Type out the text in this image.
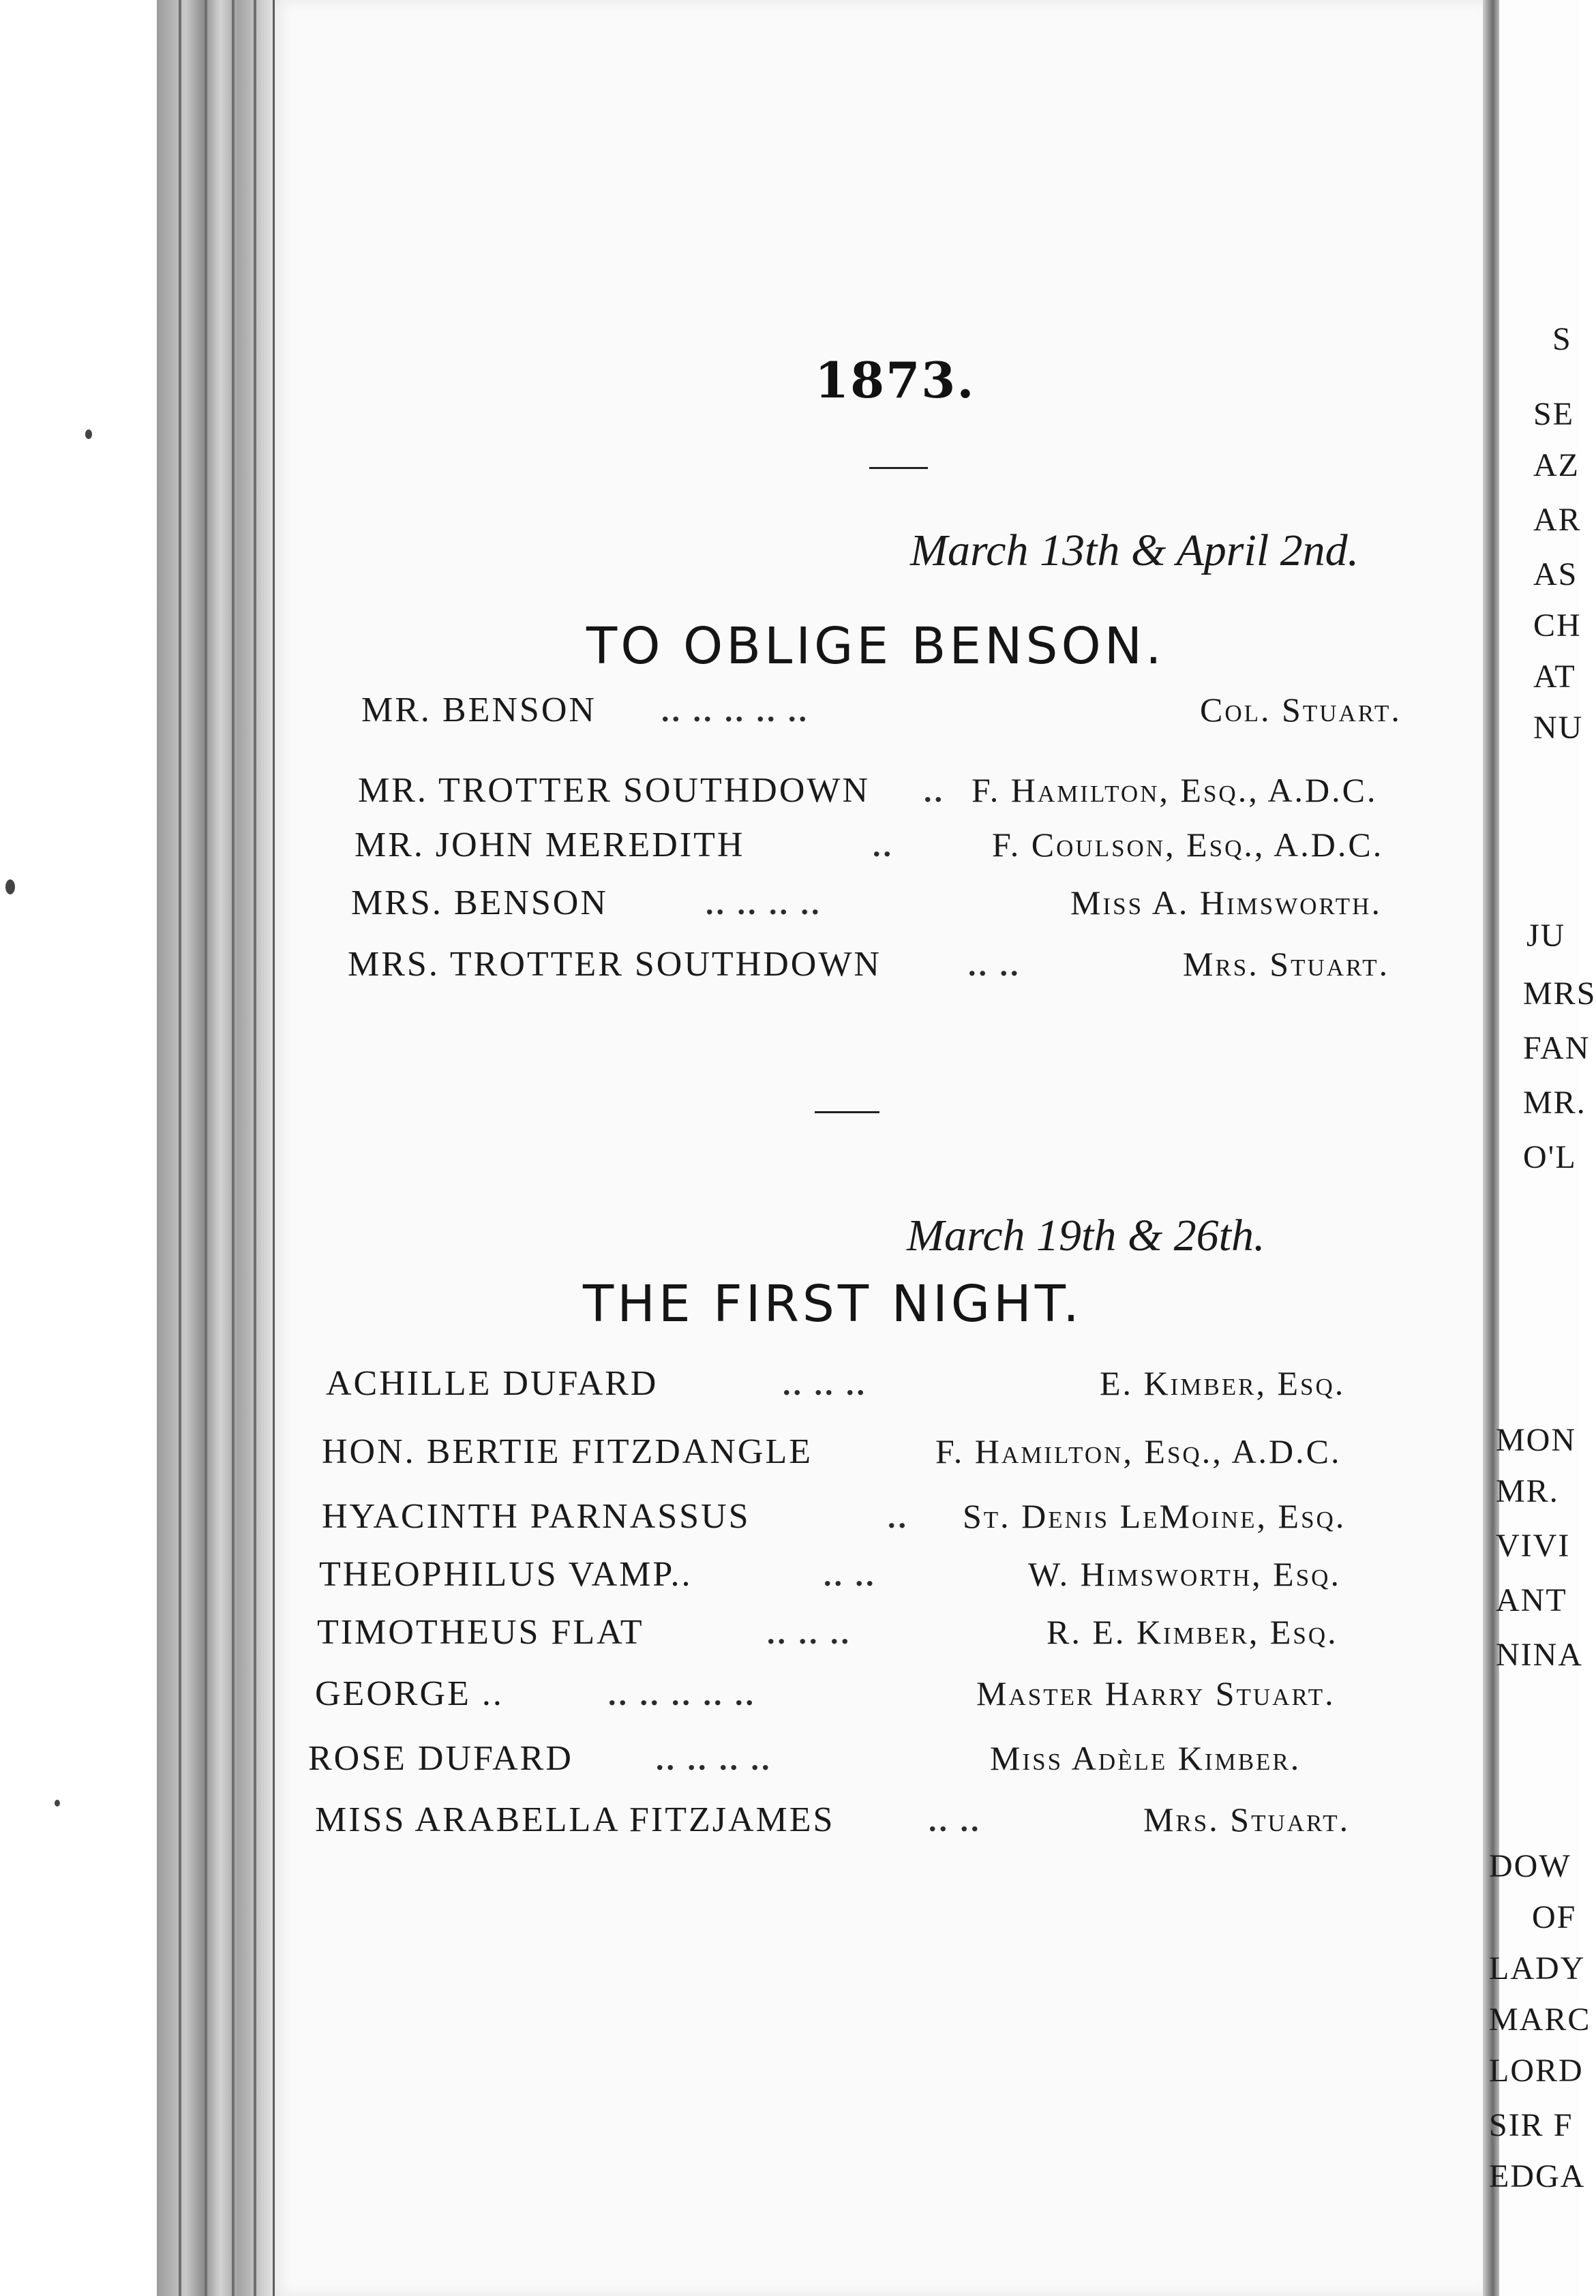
1873.
March 13th & April 2nd.
TO OBLIGE BENSON.
MR. BENSON .. .. .. .. ..	Col. Stuart.
MR. TROTTER SOUTHDOWN .. F. Hamilton, Esq., A.D.C.
MR. JOHN MEREDITH	..	F. Coulson, Esq., A.D.C.
MRS. BENSON	.. .. .. ..	Miss A. Himsworth.
MRS. TROTTER SOUTHDOWN	.. ..	Mrs. Stuart.
March 19th & 26th.
THE FIRST NIGHT.
ACHILLE DUFARD	.. .. ..	E. Kimber, Esq.
HON. BERTIE FITZDANGLE	F. Hamilton, Esq., A.D.C.
HYACINTH PARNASSUS	.. St. Denis LeMoine, Esq.
THEOPHILUS VAMP..	.. ..	W. Himsworth, Esq.
TIMOTHEUS FLAT	.. .. ..	R. E. Kimber, Esq.
GEORGE ..	.. .. .. .. ..	Master Harry Stuart.
ROSE DUFARD	.. .. .. ..	Miss Adèle Kimber.
MISS ARABELLA FITZJAMES	.. ..	Mrs. Stuart.
S
SE
AZ
AR
AS
CH
AT
NU
JU
MRS
FAN
MR.
O'L
MON
MR.
VIVI
ANT
NINA
DOW
OF
LADY
MARC
LORD
SIR F
EDGA
